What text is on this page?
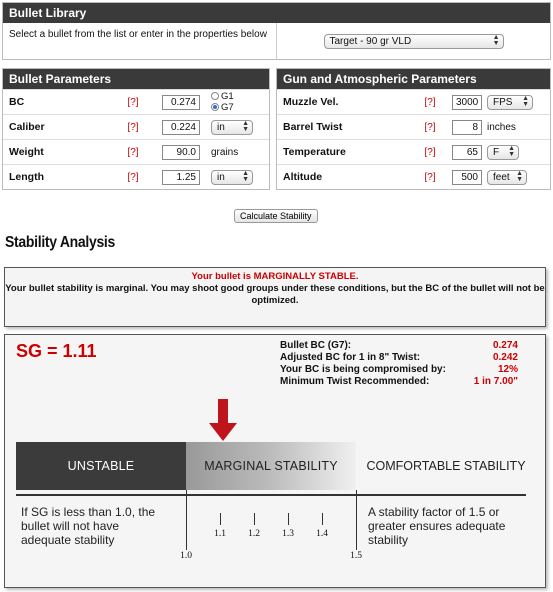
Bullet Library
Select a bullet from the list or enter in the properties below
Target - 90 gr VLD	▲
▼
Bullet Parameters
BC	[?]	0.274	G1
G7
Caliber	[?]	0.224	in ▲
▼
Weight	[?]	90.0	grains
Length	[?]	1.25	in ▲
▼
Gun and Atmospheric Parameters
Muzzle Vel.	[?]	3000	FPS ▲
▼
Barrel Twist	[?]	8 inches
Temperature	[?]	65	F ▲
▼
Altitude	[?]	500	feet ▲
▼
Calculate Stability
Stability Analysis
Your bullet is MARGINALLY STABLE.
Your bullet stability is marginal. You may shoot good groups under these conditions, but the BC of the bullet will not be optimized.
SG = 1.11	Bullet BC (G7):	0.274
Adjusted BC for 1 in 8" Twist:	0.242
Your BC is being compromised by:	12%
Minimum Twist Recommended:	1 in 7.00"
UNSTABLE	MARGINAL STABILITY	COMFORTABLE STABILITY
1.0
1.1 1.2 1.3 1.4
1.5
If SG is less than 1.0, the bullet will not have adequate stability
A stability factor of 1.5 or greater ensures adequate stability
